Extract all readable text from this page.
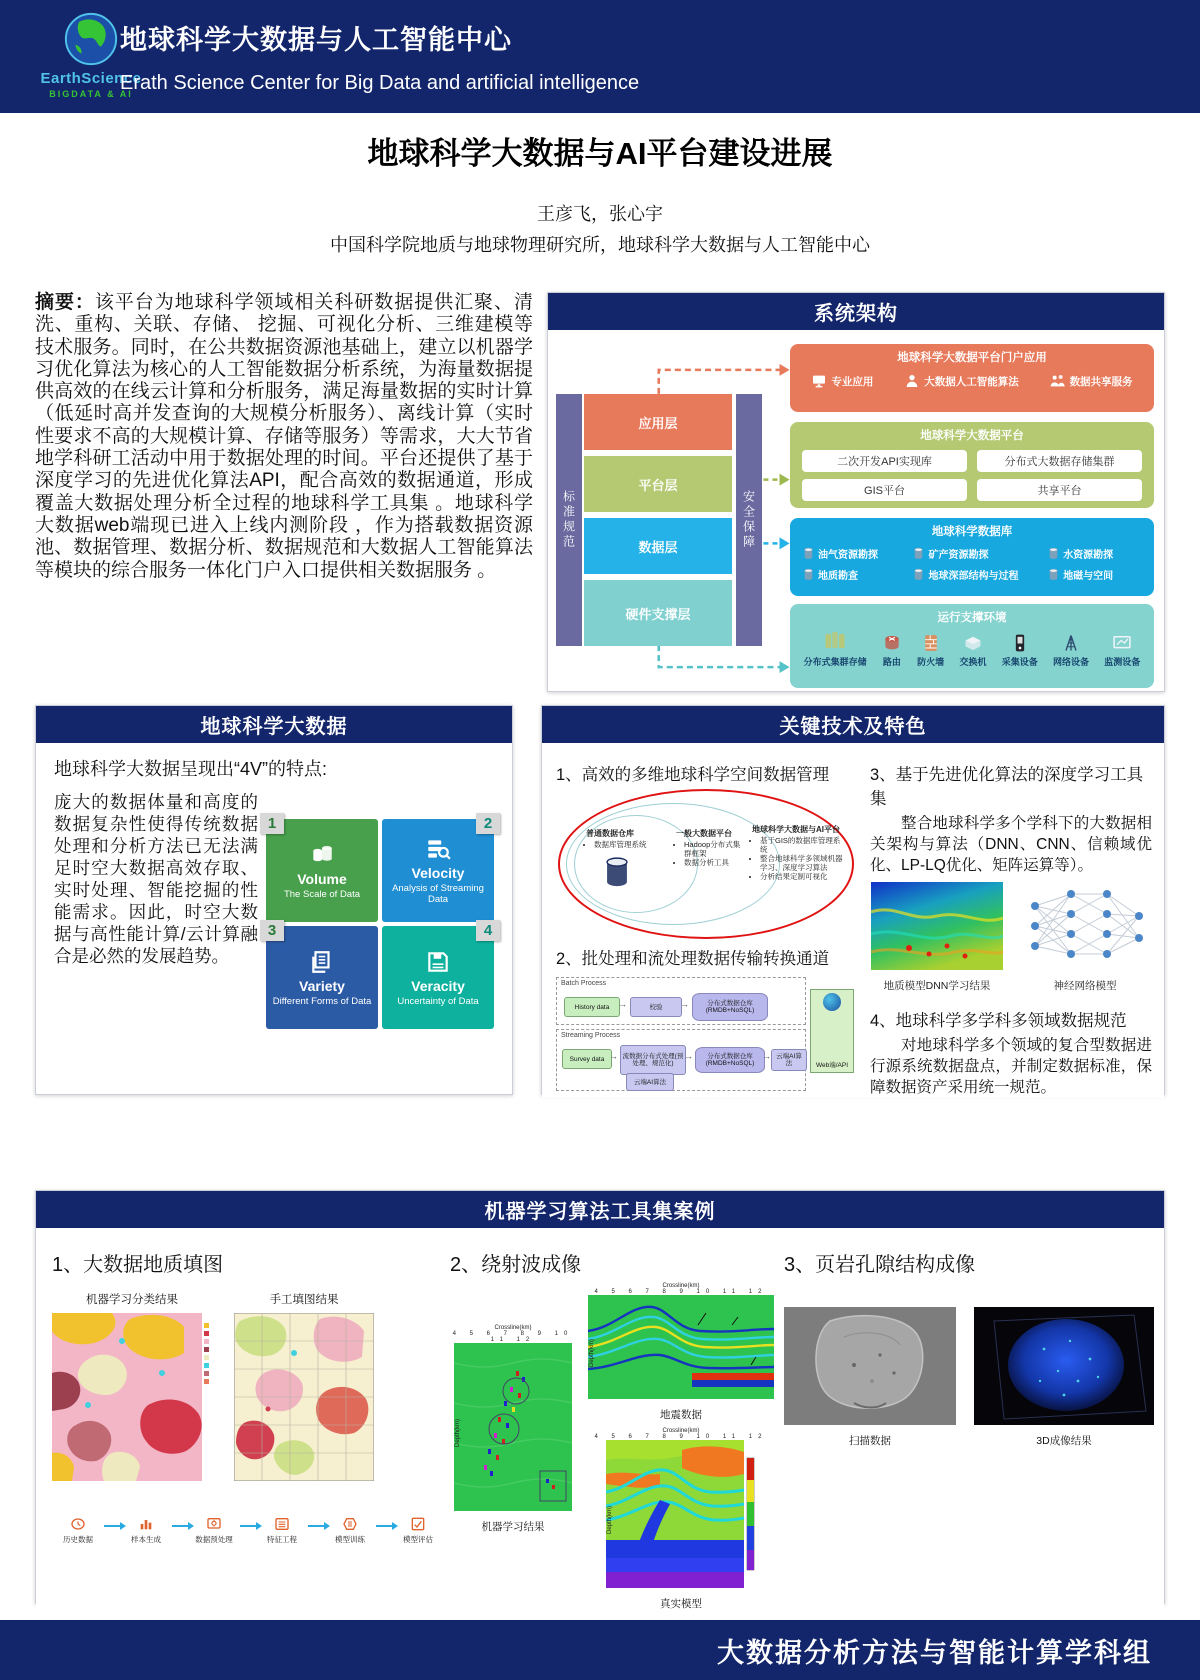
EarthScience
BIGDATA & AI
地球科学大数据与人工智能中心
Erath Science Center for Big Data and artificial intelligence
地球科学大数据与AI平台建设进展
王彦飞，张心宇
中国科学院地质与地球物理研究所，地球科学大数据与人工智能中心
摘要：该平台为地球科学领域相关科研数据提供汇聚、清洗、重构、关联、存储、 挖掘、可视化分析、三维建模等技术服务。同时，在公共数据资源池基础上，建立以机器学习优化算法为核心的人工智能数据分析系统，为海量数据提供高效的在线云计算和分析服务，满足海量数据的实时计算（低延时高并发查询的大规模分析服务）、离线计算（实时性要求不高的大规模计算、存储等服务）等需求，大大节省地学科研工活动中用于数据处理的时间。平台还提供了基于深度学习的先进优化算法API，配合高效的数据通道，形成覆盖大数据处理分析全过程的地球科学工具集 。地球科学大数据web端现已进入上线内测阶段 ，作为搭载数据资源池、数据管理、数据分析、数据规范和大数据人工智能算法等模块的综合服务一体化门户入口提供相关数据服务 。
系统架构
标准规范
应用层
平台层
数据层
硬件支撑层
安全保障
地球科学大数据平台门户应用
专业应用	大数据人工智能算法	数据共享服务
地球科学大数据平台
二次开发API实现库	分布式大数据存储集群
GIS平台	共享平台
地球科学数据库
油气资源勘探	矿产资源勘探	水资源勘探
地质勘查	地球深部结构与过程	地磁与空间
运行支撑环境
分布式集群存储 路由 防火墙 交换机 采集设备 网络设备 监测设备
地球科学大数据
地球科学大数据呈现出“4V”的特点:
庞大的数据体量和高度的数据复杂性使得传统数据处理和分析方法已无法满足时空大数据高效存取、实时处理、智能挖掘的性能需求。因此，时空大数据与高性能计算/云计算融合是必然的发展趋势。
1
Volume
The Scale of Data
2
Velocity
Analysis of Streaming Data
3
Variety
Different Forms of Data
4
Veracity
Uncertainty of Data
关键技术及特色
1、高效的多维地球科学空间数据管理
普通数据仓库
• 数据库管理系统
一般大数据平台
• Hadoop分布式集群框架
• 数据分析工具
地球科学大数据与AI平台
• 基于GIS的数据库管理系统
• 整合地球科学多领域机器学习、深度学习算法
• 分析结果定制可视化
2、批处理和流处理数据传输转换通道
Batch Process
History data →	校验	→	分布式数据仓库(RMDB+NoSQL)
Web端/API
Streaming Process
Survey data → 流数据分布式处理(预处理、规范化)
→	分布式数据仓库(RMDB+NoSQL)
→ 云端AI算法
云端AI算法
3、基于先进优化算法的深度学习工具集
整合地球科学多个学科下的大数据相关架构与算法（DNN、CNN、信赖域优化、LP-LQ优化、矩阵运算等）。
地质模型DNN学习结果	神经网络模型
4、地球科学多学科多领域数据规范
对地球科学多个领域的复合型数据进行源系统数据盘点，并制定数据标准，保障数据资产采用统一规范。
机器学习算法工具集案例
1、大数据地质填图
机器学习分类结果	手工填图结果
历史数据	样本生成	数据预处理	特征工程	模型训练	模型评估
2、绕射波成像
Crossline(km)
4 5 6 7 8 9 10 11 12
Depth(km)
机器学习结果
Crossline(km)
4 5 6 7 8 9 10 11 12
Depth(km)
地震数据
Crossline(km)
4 5 6 7 8 9 10 11 12
Depth(km)
真实模型
3、页岩孔隙结构成像
扫描数据	3D成像结果
大数据分析方法与智能计算学科组
